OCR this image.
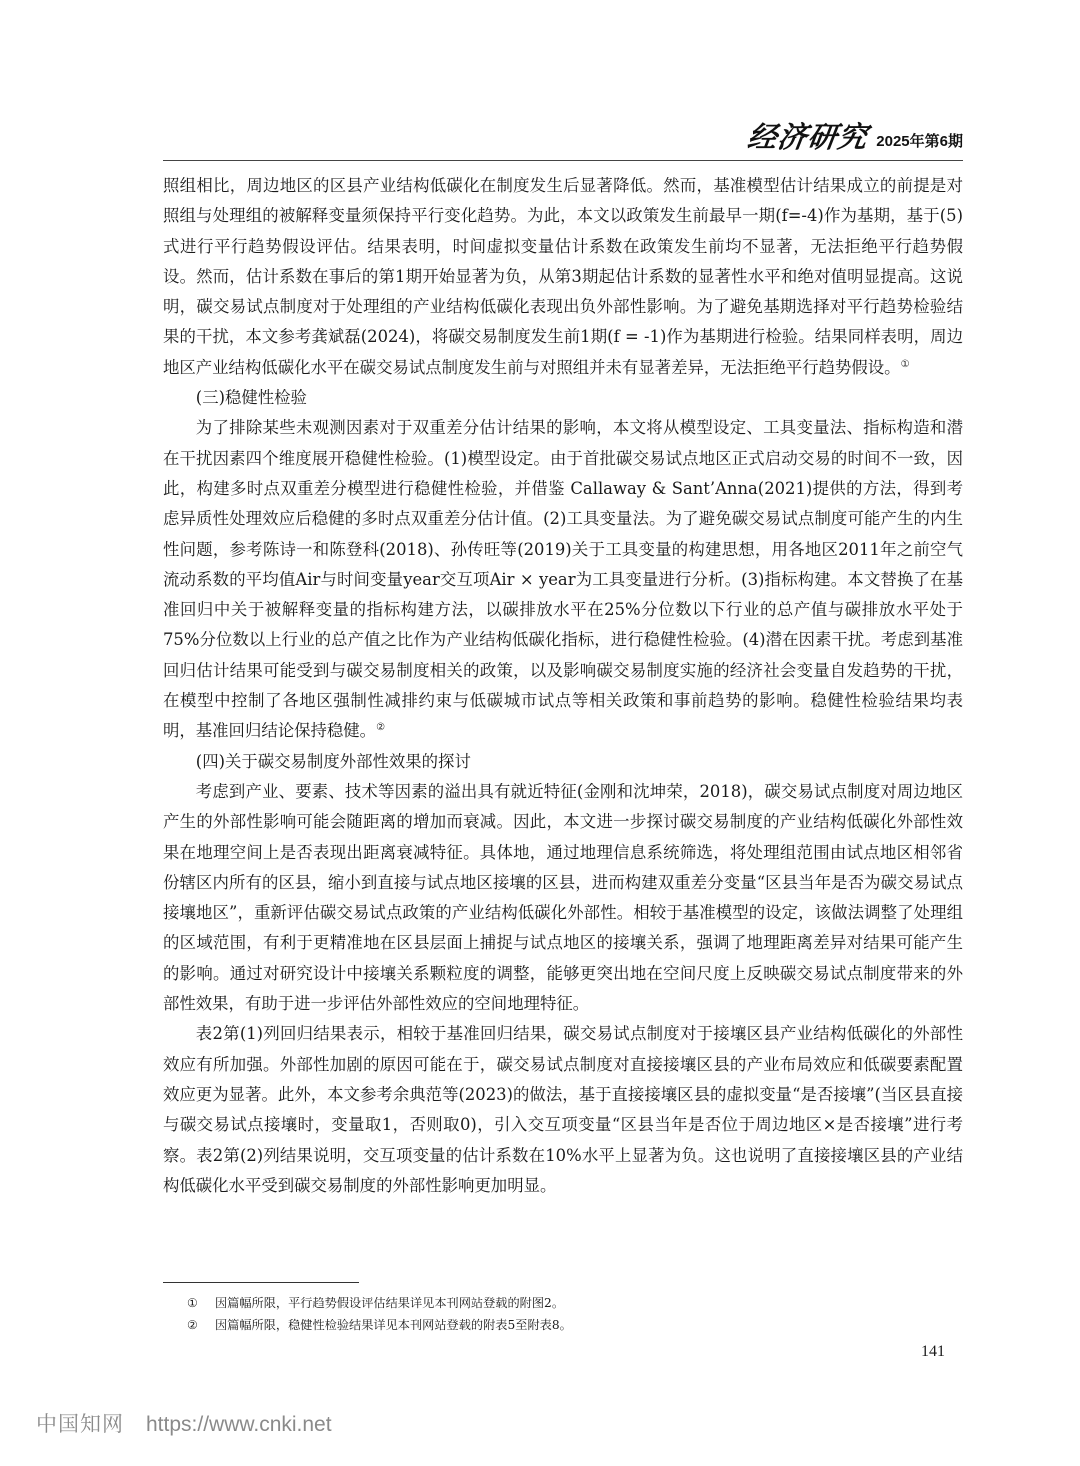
经济研究 2025年第6期

照组相比，周边地区的区县产业结构低碳化在制度发生后显著降低。然而，基准模型估计结果成立的前提是对照组与处理组的被解释变量须保持平行变化趋势。为此，本文以政策发生前最早一期(f=-4)作为基期，基于(5)式进行平行趋势假设评估。结果表明，时间虚拟变量估计系数在政策发生前均不显著，无法拒绝平行趋势假设。然而，估计系数在事后的第1期开始显著为负，从第3期起估计系数的显著性水平和绝对值明显提高。这说明，碳交易试点制度对于处理组的产业结构低碳化表现出负外部性影响。为了避免基期选择对平行趋势检验结果的干扰，本文参考龚斌磊(2024)，将碳交易制度发生前1期(f = -1)作为基期进行检验。结果同样表明，周边地区产业结构低碳化水平在碳交易试点制度发生前与对照组并未有显著差异，无法拒绝平行趋势假设。①

(三)稳健性检验

为了排除某些未观测因素对于双重差分估计结果的影响，本文将从模型设定、工具变量法、指标构造和潜在干扰因素四个维度展开稳健性检验。(1)模型设定。由于首批碳交易试点地区正式启动交易的时间不一致，因此，构建多时点双重差分模型进行稳健性检验，并借鉴 Callaway & Sant’Anna(2021)提供的方法，得到考虑异质性处理效应后稳健的多时点双重差分估计值。(2)工具变量法。为了避免碳交易试点制度可能产生的内生性问题，参考陈诗一和陈登科(2018)、孙传旺等(2019)关于工具变量的构建思想，用各地区2011年之前空气流动系数的平均值Air与时间变量year交互项Air × year为工具变量进行分析。(3)指标构建。本文替换了在基准回归中关于被解释变量的指标构建方法，以碳排放水平在25%分位数以下行业的总产值与碳排放水平处于75%分位数以上行业的总产值之比作为产业结构低碳化指标，进行稳健性检验。(4)潜在因素干扰。考虑到基准回归估计结果可能受到与碳交易制度相关的政策，以及影响碳交易制度实施的经济社会变量自发趋势的干扰，在模型中控制了各地区强制性减排约束与低碳城市试点等相关政策和事前趋势的影响。稳健性检验结果均表明，基准回归结论保持稳健。②

(四)关于碳交易制度外部性效果的探讨

考虑到产业、要素、技术等因素的溢出具有就近特征(金刚和沈坤荣，2018)，碳交易试点制度对周边地区产生的外部性影响可能会随距离的增加而衰减。因此，本文进一步探讨碳交易制度的产业结构低碳化外部性效果在地理空间上是否表现出距离衰减特征。具体地，通过地理信息系统筛选，将处理组范围由试点地区相邻省份辖区内所有的区县，缩小到直接与试点地区接壤的区县，进而构建双重差分变量“区县当年是否为碳交易试点接壤地区”，重新评估碳交易试点政策的产业结构低碳化外部性。相较于基准模型的设定，该做法调整了处理组的区域范围，有利于更精准地在区县层面上捕捉与试点地区的接壤关系，强调了地理距离差异对结果可能产生的影响。通过对研究设计中接壤关系颗粒度的调整，能够更突出地在空间尺度上反映碳交易试点制度带来的外部性效果，有助于进一步评估外部性效应的空间地理特征。

表2第(1)列回归结果表示，相较于基准回归结果，碳交易试点制度对于接壤区县产业结构低碳化的外部性效应有所加强。外部性加剧的原因可能在于，碳交易试点制度对直接接壤区县的产业布局效应和低碳要素配置效应更为显著。此外，本文参考余典范等(2023)的做法，基于直接接壤区县的虚拟变量“是否接壤”(当区县直接与碳交易试点接壤时，变量取1，否则取0)，引入交互项变量“区县当年是否位于周边地区×是否接壤”进行考察。表2第(2)列结果说明，交互项变量的估计系数在10%水平上显著为负。这也说明了直接接壤区县的产业结构低碳化水平受到碳交易制度的外部性影响更加明显。

①	因篇幅所限，平行趋势假设评估结果详见本刊网站登载的附图2。
②	因篇幅所限，稳健性检验结果详见本刊网站登载的附表5至附表8。
141
中国知网 https://www.cnki.net
